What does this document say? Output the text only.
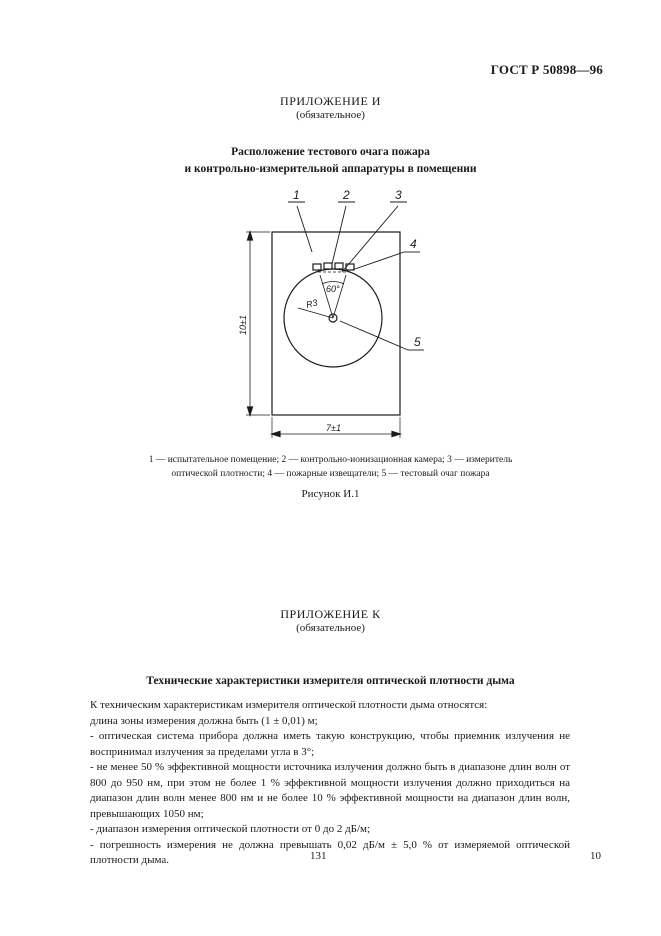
ГОСТ Р 50898—96
ПРИЛОЖЕНИЕ И
(обязательное)
Расположение тестового очага пожара
и контрольно-измерительной аппаратуры в помещении
1	2	3
4
5
60°
R3
10±1
7±1
1 — испытательное помещение; 2 — контрольно-ионизационная камера; 3 — измеритель
оптической плотности; 4 — пожарные извещатели; 5 — тестовый очаг пожара
Рисунок И.1
ПРИЛОЖЕНИЕ К
(обязательное)
Технические характеристики измерителя оптической плотности дыма

К техническим характеристикам измерителя оптической плотности дыма относятся:

длина зоны измерения должна быть (1 ± 0,01) м;

- оптическая система прибора должна иметь такую конструкцию, чтобы приемник излучения не воспринимал излучения за пределами угла в 3°;

- не менее 50 % эффективной мощности источника излучения должно быть в диапазоне длин волн от 800 до 950 нм, при этом не более 1 % эффективной мощности излучения должно приходиться на диапазон длин волн менее 800 нм и не более 10 % эффективной мощности на диапазон длин волн, превышающих 1050 нм;

- диапазон измерения оптической плотности от 0 до 2 дБ/м;

- погрешность измерения не должна превышать 0,02 дБ/м ± 5,0 % от измеряемой оптической плотности дыма.	131	10
